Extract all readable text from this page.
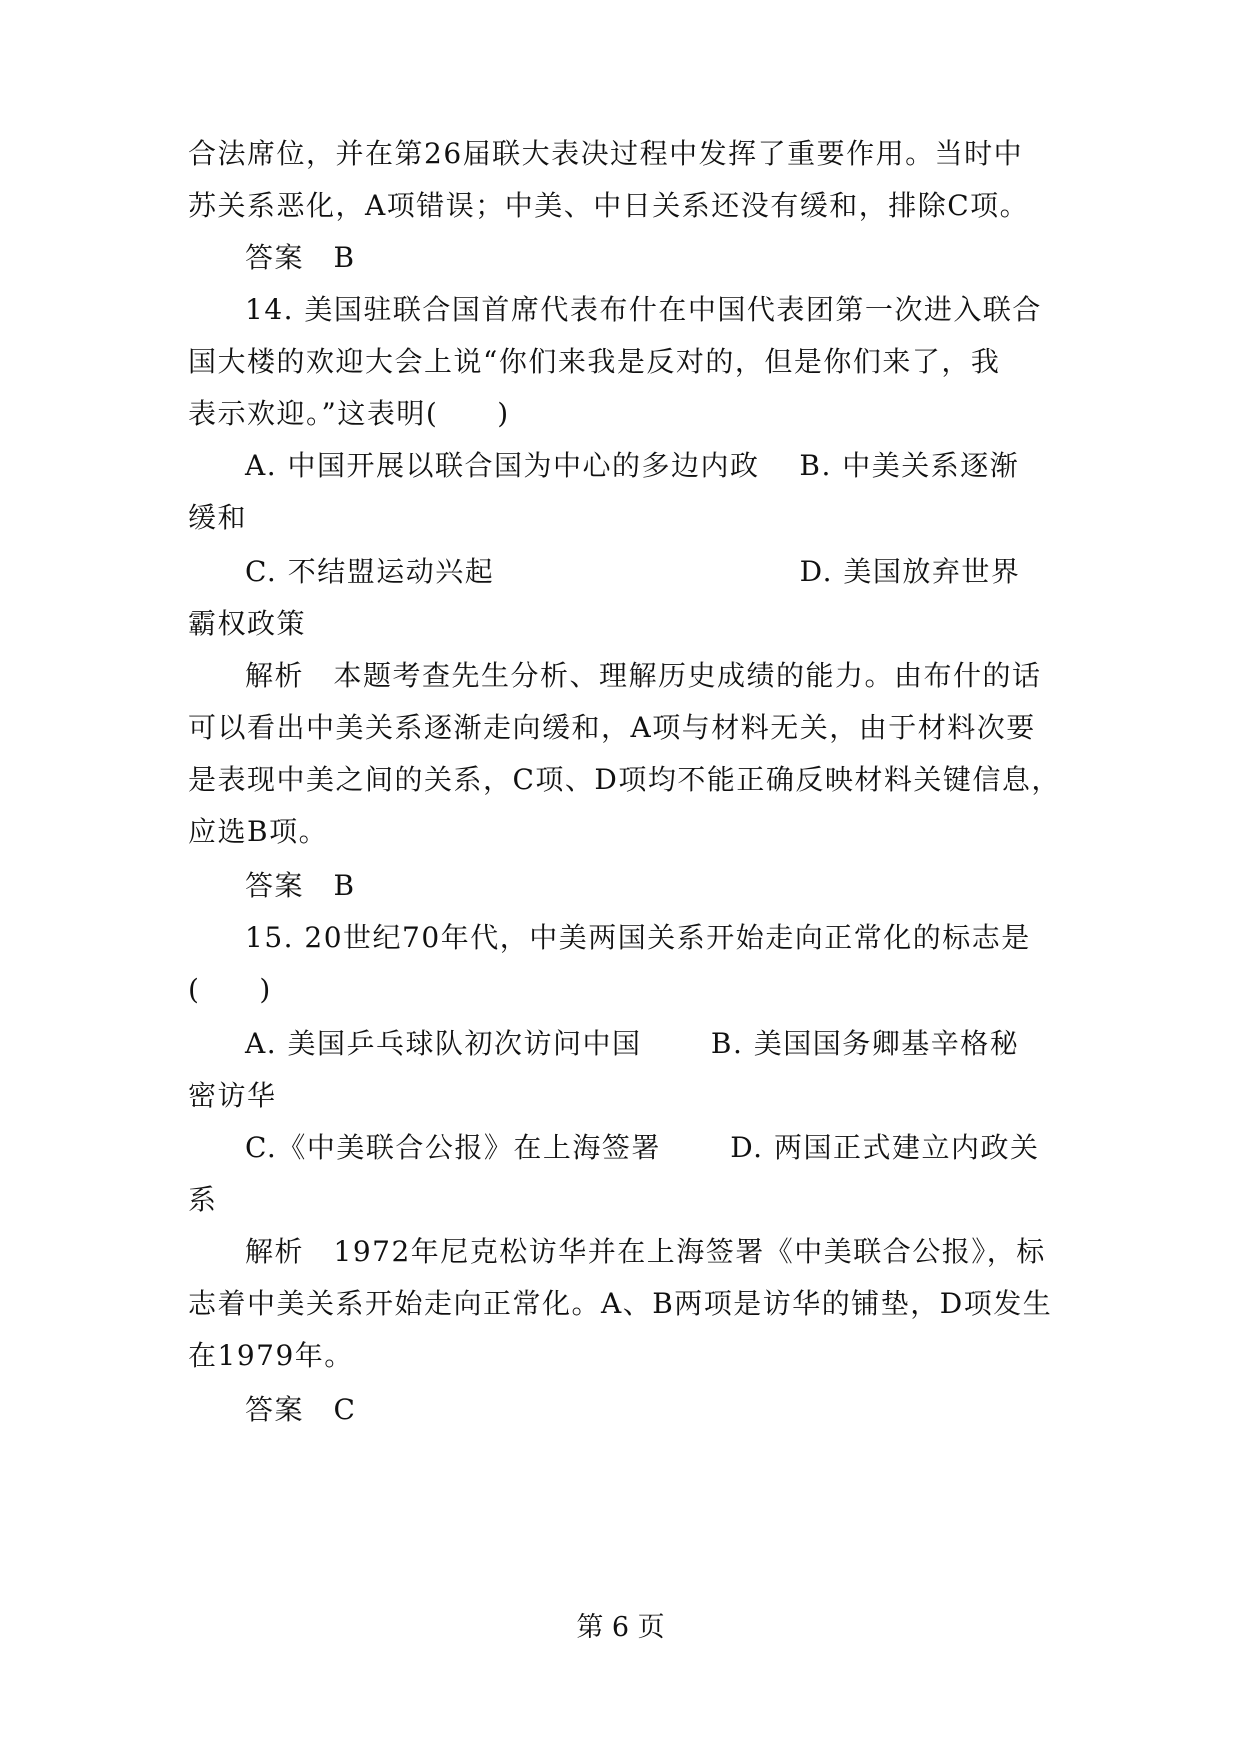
合法席位，并在第26届联大表决过程中发挥了重要作用。当时中
苏关系恶化，A项错误；中美、中日关系还没有缓和，排除C项。
答案　B
14. 美国驻联合国首席代表布什在中国代表团第一次进入联合
国大楼的欢迎大会上说“你们来我是反对的，但是你们来了，我
表示欢迎。”这表明(　　)
A. 中国开展以联合国为中心的多边内政　 B. 中美关系逐渐
缓和
C. 不结盟运动兴起　　　　　　　　　　 D. 美国放弃世界
霸权政策
解析　本题考查先生分析、理解历史成绩的能力。由布什的话
可以看出中美关系逐渐走向缓和，A项与材料无关，由于材料次要
是表现中美之间的关系，C项、D项均不能正确反映材料关键信息，
应选B项。
答案　B
15. 20世纪70年代，中美两国关系开始走向正常化的标志是
(　　)
A. 美国乒乓球队初次访问中国　　 B. 美国国务卿基辛格秘
密访华
C.《中美联合公报》在上海签署　　 D. 两国正式建立内政关
系
解析　1972年尼克松访华并在上海签署《中美联合公报》，标
志着中美关系开始走向正常化。A、B两项是访华的铺垫，D项发生
在1979年。
答案　C
第 6 页
